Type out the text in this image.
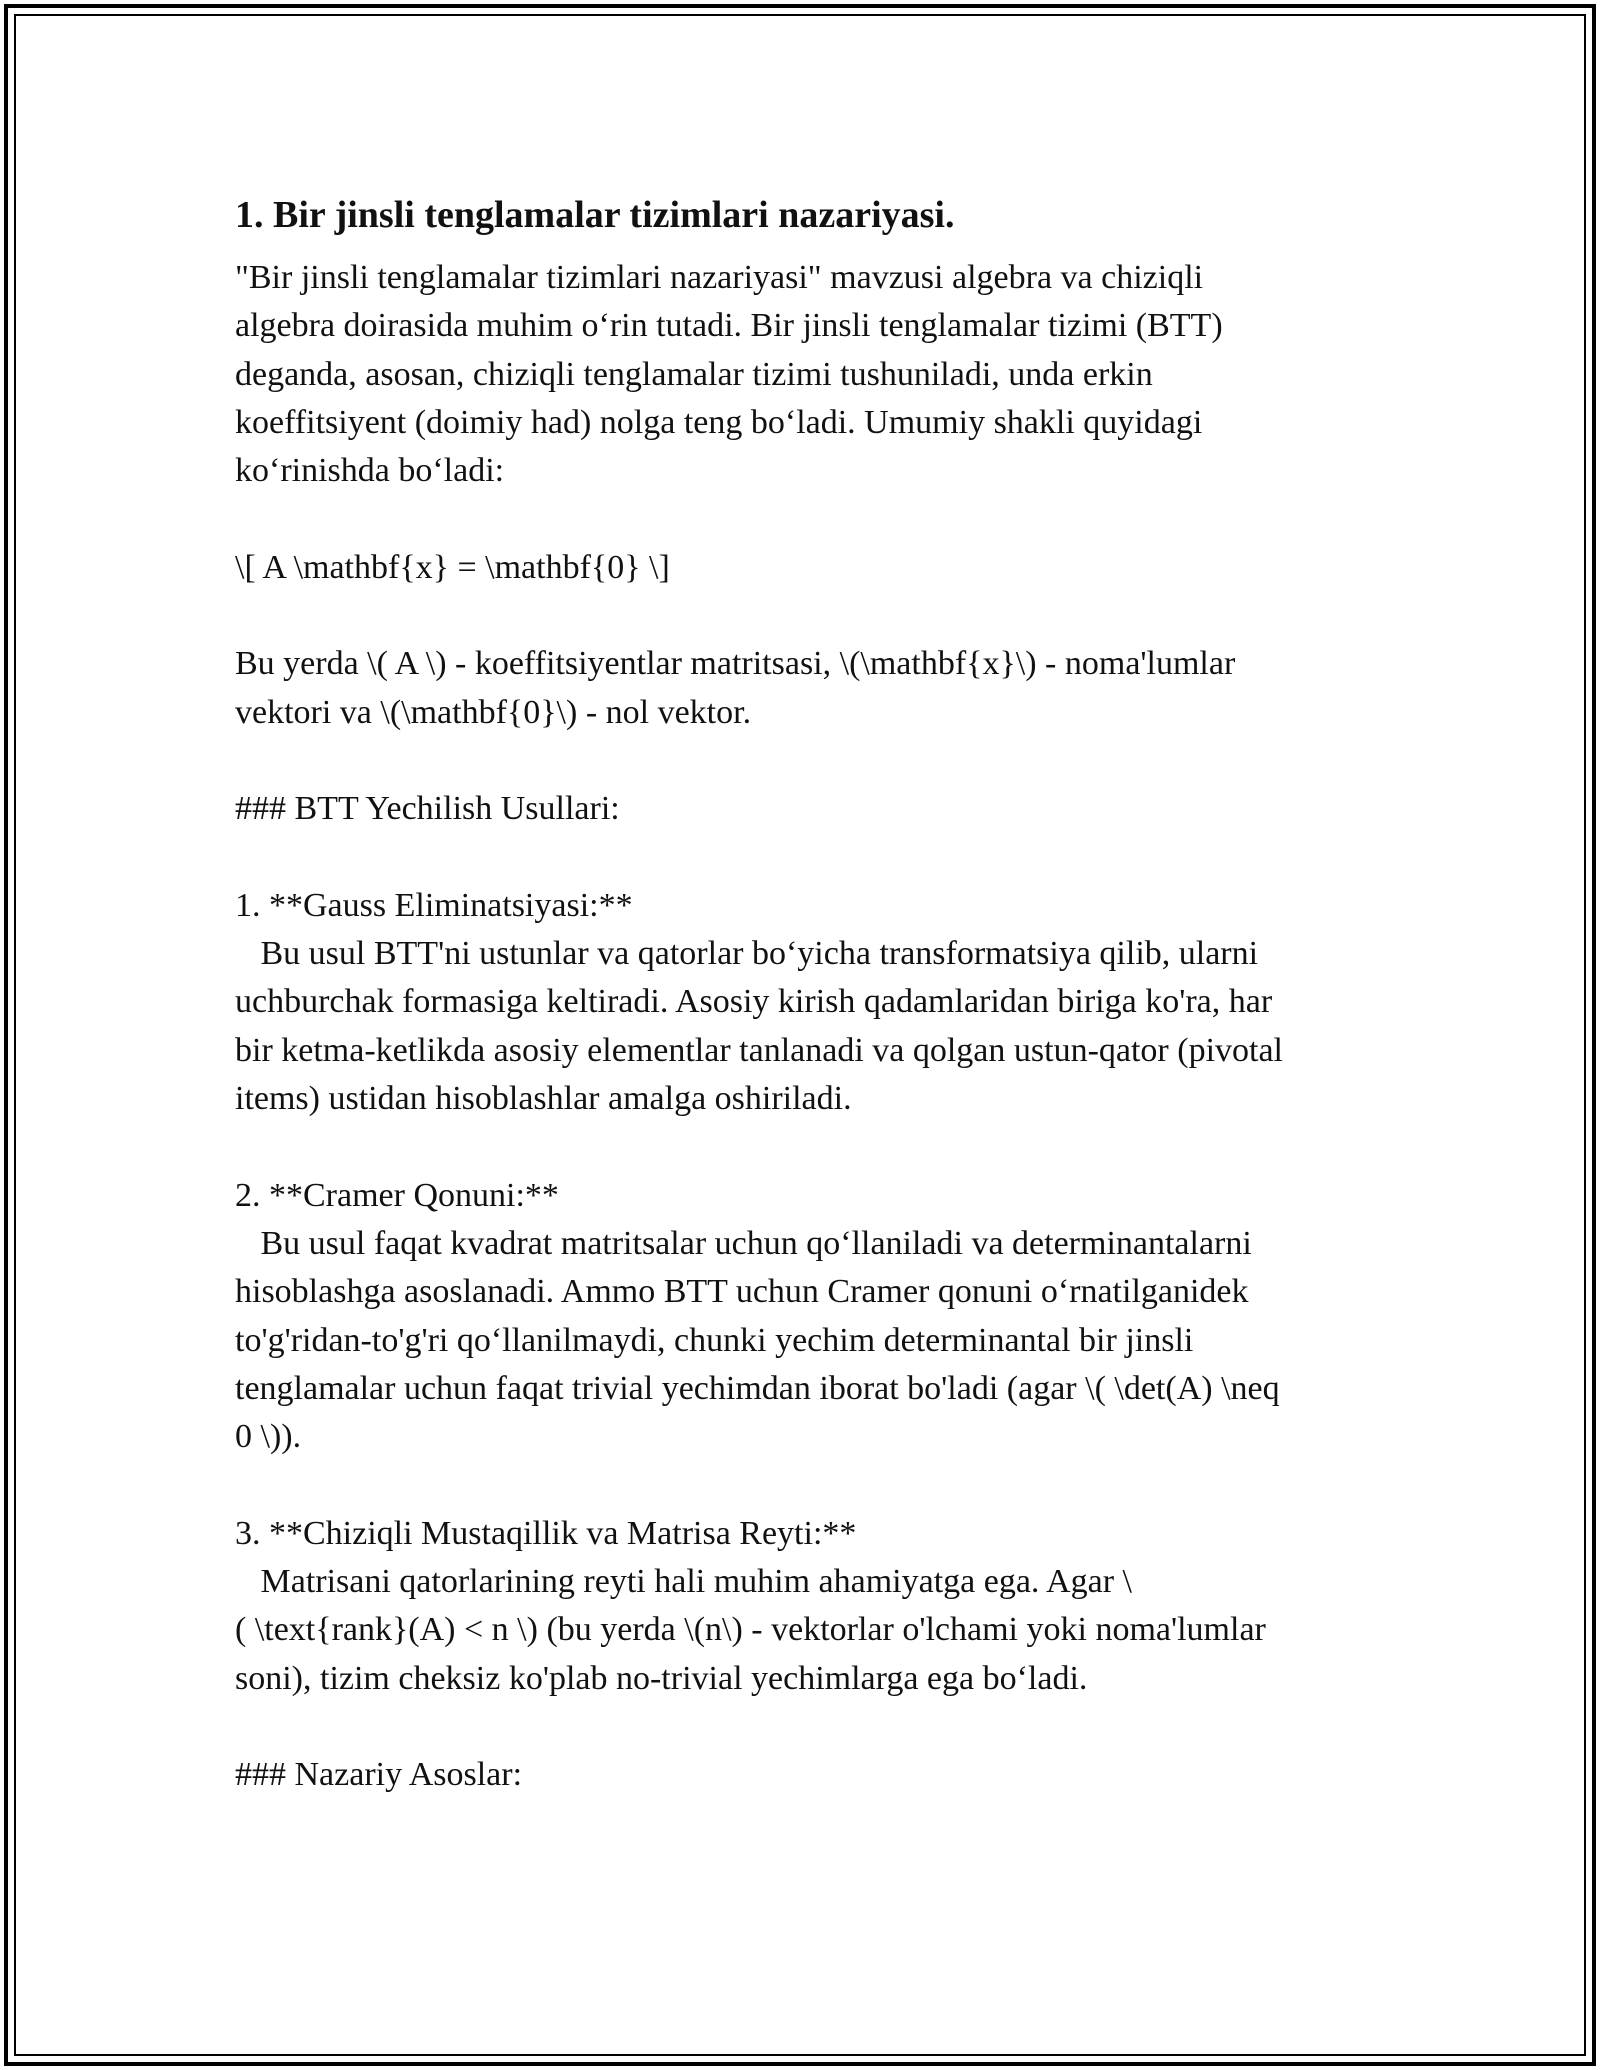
1. Bir jinsli tenglamalar tizimlari nazariyasi.

"Bir jinsli tenglamalar tizimlari nazariyasi" mavzusi algebra va chiziqli
algebra doirasida muhim o‘rin tutadi. Bir jinsli tenglamalar tizimi (BTT)
deganda, asosan, chiziqli tenglamalar tizimi tushuniladi, unda erkin
koeffitsiyent (doimiy had) nolga teng bo‘ladi. Umumiy shakli quyidagi
ko‘rinishda bo‘ladi:

\[ A \mathbf{x} = \mathbf{0} \]

Bu yerda \( A \) - koeffitsiyentlar matritsasi, \(\mathbf{x}\) - noma'lumlar
vektori va \(\mathbf{0}\) - nol vektor.

### BTT Yechilish Usullari:

1. **Gauss Eliminatsiyasi:**

Bu usul BTT'ni ustunlar va qatorlar bo‘yicha transformatsiya qilib, ularni
uchburchak formasiga keltiradi. Asosiy kirish qadamlaridan biriga ko'ra, har
bir ketma-ketlikda asosiy elementlar tanlanadi va qolgan ustun-qator (pivotal
items) ustidan hisoblashlar amalga oshiriladi.

2. **Cramer Qonuni:**

Bu usul faqat kvadrat matritsalar uchun qo‘llaniladi va determinantalarni
hisoblashga asoslanadi. Ammo BTT uchun Cramer qonuni o‘rnatilganidek
to'g'ridan-to'g'ri qo‘llanilmaydi, chunki yechim determinantal bir jinsli
tenglamalar uchun faqat trivial yechimdan iborat bo'ladi (agar \( \det(A) \neq
0 \)).

3. **Chiziqli Mustaqillik va Matrisa Reyti:**

Matrisani qatorlarining reyti hali muhim ahamiyatga ega. Agar \
( \text{rank}(A) < n \) (bu yerda \(n\) - vektorlar o'lchami yoki noma'lumlar
soni), tizim cheksiz ko'plab no-trivial yechimlarga ega bo‘ladi.

### Nazariy Asoslar:
